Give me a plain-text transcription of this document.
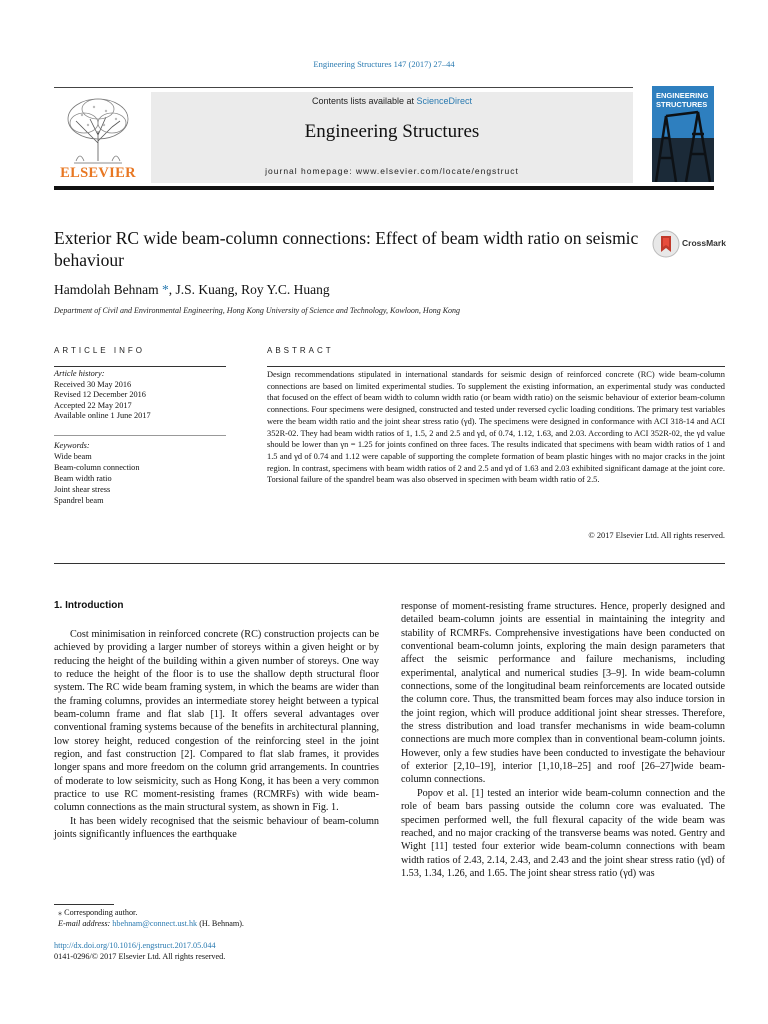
Engineering Structures 147 (2017) 27–44
ELSEVIER
Contents lists available at ScienceDirect
Engineering Structures
journal homepage: www.elsevier.com/locate/engstruct
ENGINEERING STRUCTURES
Exterior RC wide beam-column connections: Effect of beam width ratio on seismic behaviour
CrossMark
Hamdolah Behnam *, J.S. Kuang, Roy Y.C. Huang
Department of Civil and Environmental Engineering, Hong Kong University of Science and Technology, Kowloon, Hong Kong
ARTICLE INFO	ABSTRACT
Article history:
Received 30 May 2016
Revised 12 December 2016
Accepted 22 May 2017
Available online 1 June 2017
Keywords:
Wide beam
Beam-column connection
Beam width ratio
Joint shear stress
Spandrel beam
Design recommendations stipulated in international standards for seismic design of reinforced concrete (RC) wide beam-column connections are based on limited experimental studies. To supplement the existing information, an experimental study was conducted that focused on the effect of beam width to column width ratio (or beam width ratio) on the seismic behaviour of exterior beam-column connections. Four specimens were designed, constructed and tested under reversed cyclic loading conditions. The primary test variables were the beam width ratio and the joint shear stress ratio (γd). The specimens were designed in conformance with ACI 318-14 and ACI 352R-02. They had beam width ratios of 1, 1.5, 2 and 2.5 and γd, of 0.74, 1.12, 1.63, and 2.03. According to ACI 352R-02, the γd value should be lower than γn = 1.25 for joints confined on three faces. The results indicated that specimens with beam width ratios of 1 and 1.5 and γd of 0.74 and 1.12 were capable of supporting the complete formation of beam plastic hinges with no major cracks in the joint region. In contrast, specimens with beam width ratios of 2 and 2.5 and γd of 1.63 and 2.03 exhibited significant damage at the joint core. Torsional failure of the spandrel beam was also observed in specimen with beam width ratio of 2.5.
© 2017 Elsevier Ltd. All rights reserved.
1. Introduction

Cost minimisation in reinforced concrete (RC) construction projects can be achieved by providing a larger number of storeys within a given height or by reducing the height of the building within a given number of storeys. One way to reduce the height of the floor is to use the shallow depth structural floor system. The RC wide beam framing system, in which the beams are wider than the framing columns, provides an intermediate storey height between a typical beam-column frame and flat slab [1]. It offers several advantages over conventional framing systems because of the benefits in architectural planning, low storey height, reduced congestion of the reinforcing steel in the joint region, and fast construction [2]. Compared to flat slab frames, it provides longer spans and more freedom on the column grid arrangements. In countries of moderate to low seismicity, such as Hong Kong, it has been a very common practice to use RC moment-resisting frames (RCMRFs) with wide beam-column connections as the main structural system, as shown in Fig. 1.

It has been widely recognised that the seismic behaviour of beam-column joints significantly influences the earthquake

response of moment-resisting frame structures. Hence, properly designed and detailed beam-column joints are essential in maintaining the integrity and stability of RCMRFs. Comprehensive investigations have been conducted on conventional beam-column joints, exploring the main design parameters that affect the seismic performance and failure mechanisms, including experimental, analytical and numerical studies [3–9]. In wide beam-column connections, some of the longitudinal beam reinforcements are located outside the column core. Thus, the transmitted beam forces may also induce torsion in the joint region, which will produce additional joint shear stresses. Therefore, the stress distribution and load transfer mechanisms in wide beam-column connections are much more complex than in conventional beam-column joints. However, only a few studies have been conducted to investigate the behaviour of exterior [2,10–19], interior [1,10,18–25] and roof [26–27]wide beam-column connections.

Popov et al. [1] tested an interior wide beam-column connection and the role of beam bars passing outside the column core was evaluated. The specimen performed well, the full flexural capacity of the wide beam was reached, and no major cracking of the transverse beams was noted. Gentry and Wight [11] tested four exterior wide beam-column connections with beam width ratios of 2.43, 2.14, 2.43, and 2.43 and the joint shear stress ratio (γd) of 1.53, 1.34, 1.26, and 1.65. The joint shear stress ratio (γd) was

⁎ Corresponding author.
E-mail address: hbehnam@connect.ust.hk (H. Behnam).
http://dx.doi.org/10.1016/j.engstruct.2017.05.044
0141-0296/© 2017 Elsevier Ltd. All rights reserved.
